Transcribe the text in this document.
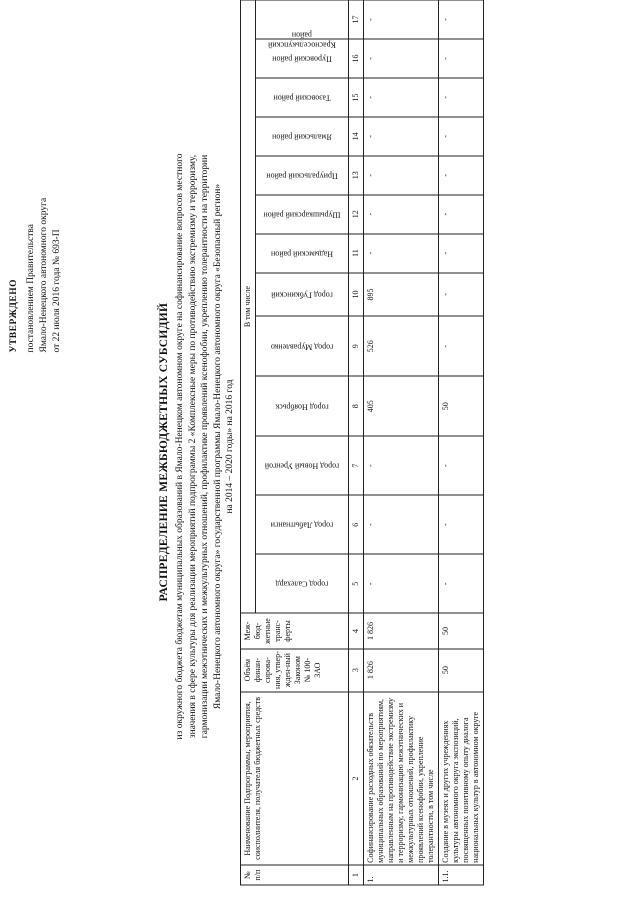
УТВЕРЖДЕНО постановлением Правительства Ямало-Ненецкого автономного округа от 22 июля 2016 года № 693-П
РАСПРЕДЕЛЕНИЕ МЕЖБЮДЖЕТНЫХ СУБСИДИЙ из окружного бюджета бюджетам муниципальных образований в Ямало-Ненецком автономном округе на софинансирование вопросов местного значения в сфере культуры для реализации мероприятий подпрограммы 2 «Комплексные меры по противодействию экстремизму и терроризму, гармонизации межэтнических и межкультурных отношений, профилактике проявлений ксенофобии, укреплению толерантности на территории Ямало-Ненецкого автономного округа» государственной программы Ямало-Ненецкого автономного округа «Безопасный регион» на 2014 – 2020 годы» на 2016 год
№ п/п	Наименование Подпрограммы, мероприятия, соисполнителя, получателя бюджетных средств	Объём финан-сирова-ния, утвер-жден-ный Законом № 100-ЗАО	Меж-бюд-жетные транс-ферты	В том числе												

				город Салехард	город Лабытнанги	город Новый Уренгой	город Ноябрьск	город Муравленко	город Губкинский	Надымский район	Шурышкарский район	Приуральский район	Ямальский район	Тазовский район	Пуровский район	Красноселькупский район

1	2	3	4	5	6	7	8	9	10	11	12	13	14	15	16	17
1.	Софинансирование расходных обязательств муниципальных образований по мероприятиям, направленным на противодействие экстремизму и терроризму, гармонизацию межэтнических и межкультурных отношений, профилактику проявлений ксенофобии, укрепление толерантности, в том числе	1 826	1 826	-	-	-	405	526	895	-	-	-	-	-	-	-
1.1.	Создание в музеях и других учреждениях культуры автономного округа экспозиций, посвященных позитивному опыту диалога национальных культур в автономном округе	50	50	-	-	-	50	-	-	-	-	-	-	-	-	-
